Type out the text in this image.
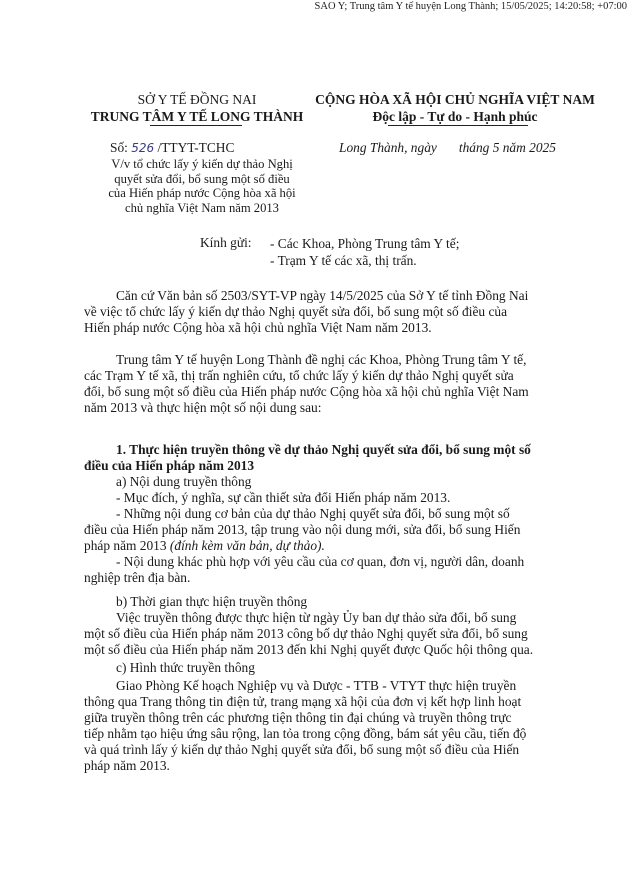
SAO Y; Trung tâm Y tế huyện Long Thành; 15/05/2025; 14:20:58; +07:00
SỞ Y TẾ ĐỒNG NAI
TRUNG TÂM Y TẾ LONG THÀNH
Số: 526 /TTYT-TCHC
V/v tổ chức lấy ý kiến dự thảo Nghị
quyết sửa đổi, bổ sung một số điều
của Hiến pháp nước Cộng hòa xã hội
chủ nghĩa Việt Nam năm 2013
CỘNG HÒA XÃ HỘI CHỦ NGHĨA VIỆT NAM
Độc lập - Tự do - Hạnh phúc
Long Thành, ngày tháng 5 năm 2025
Kính gửi: - Các Khoa, Phòng Trung tâm Y tế;
- Trạm Y tế các xã, thị trấn.
Căn cứ Văn bản số 2503/SYT-VP ngày 14/5/2025 của Sở Y tế tỉnh Đồng Nai
về việc tổ chức lấy ý kiến dự thảo Nghị quyết sửa đổi, bổ sung một số điều của
Hiến pháp nước Cộng hòa xã hội chủ nghĩa Việt Nam năm 2013.
Trung tâm Y tế huyện Long Thành đề nghị các Khoa, Phòng Trung tâm Y tế,
các Trạm Y tế xã, thị trấn nghiên cứu, tổ chức lấy ý kiến dự thảo Nghị quyết sửa
đổi, bổ sung một số điều của Hiến pháp nước Cộng hòa xã hội chủ nghĩa Việt Nam
năm 2013 và thực hiện một số nội dung sau:
1. Thực hiện truyền thông về dự thảo Nghị quyết sửa đổi, bổ sung một số
điều của Hiến pháp năm 2013
a) Nội dung truyền thông
- Mục đích, ý nghĩa, sự cần thiết sửa đổi Hiến pháp năm 2013.
- Những nội dung cơ bản của dự thảo Nghị quyết sửa đổi, bổ sung một số
điều của Hiến pháp năm 2013, tập trung vào nội dung mới, sửa đổi, bổ sung Hiến
pháp năm 2013 (đính kèm văn bản, dự thảo).
- Nội dung khác phù hợp với yêu cầu của cơ quan, đơn vị, người dân, doanh
nghiệp trên địa bàn.
b) Thời gian thực hiện truyền thông
Việc truyền thông được thực hiện từ ngày Ủy ban dự thảo sửa đổi, bổ sung
một số điều của Hiến pháp năm 2013 công bố dự thảo Nghị quyết sửa đổi, bổ sung
một số điều của Hiến pháp năm 2013 đến khi Nghị quyết được Quốc hội thông qua.
c) Hình thức truyền thông
Giao Phòng Kế hoạch Nghiệp vụ và Dược - TTB - VTYT thực hiện truyền
thông qua Trang thông tin điện tử, trang mạng xã hội của đơn vị kết hợp linh hoạt
giữa truyền thông trên các phương tiện thông tin đại chúng và truyền thông trực
tiếp nhằm tạo hiệu ứng sâu rộng, lan tỏa trong cộng đồng, bám sát yêu cầu, tiến độ
và quá trình lấy ý kiến dự thảo Nghị quyết sửa đổi, bổ sung một số điều của Hiến
pháp năm 2013.
